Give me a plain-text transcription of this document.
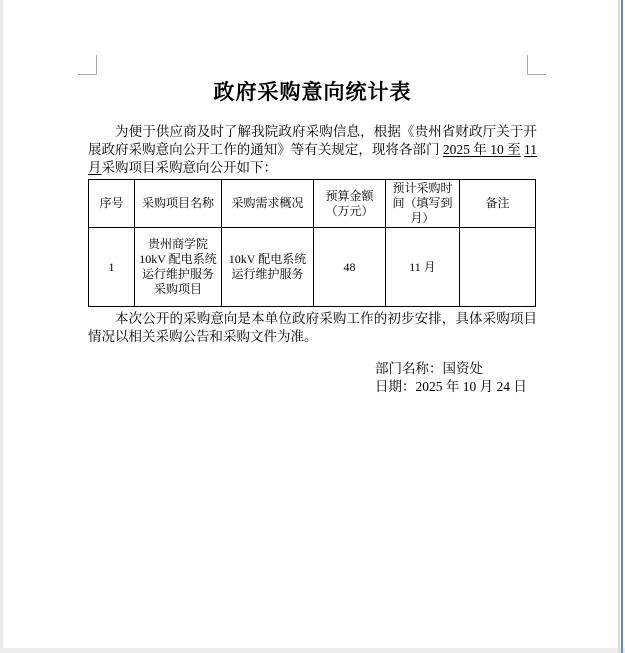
政府采购意向统计表

为便于供应商及时了解我院政府采购信息，根据《贵州省财政厅关于开展政府采购意向公开工作的通知》等有关规定，现将各部门 2025 年 10 至 11 月采购项目采购意向公开如下：

序号	采购项目名称	采购需求概况	预算金额（万元）	预计采购时间（填写到月）	备注
1	贵州商学院 10kV 配电系统运行维护服务采购项目	10kV 配电系统运行维护服务	48	11 月	

本次公开的采购意向是本单位政府采购工作的初步安排，具体采购项目情况以相关采购公告和采购文件为准。

部门名称：国资处
日期：2025 年 10 月 24 日
